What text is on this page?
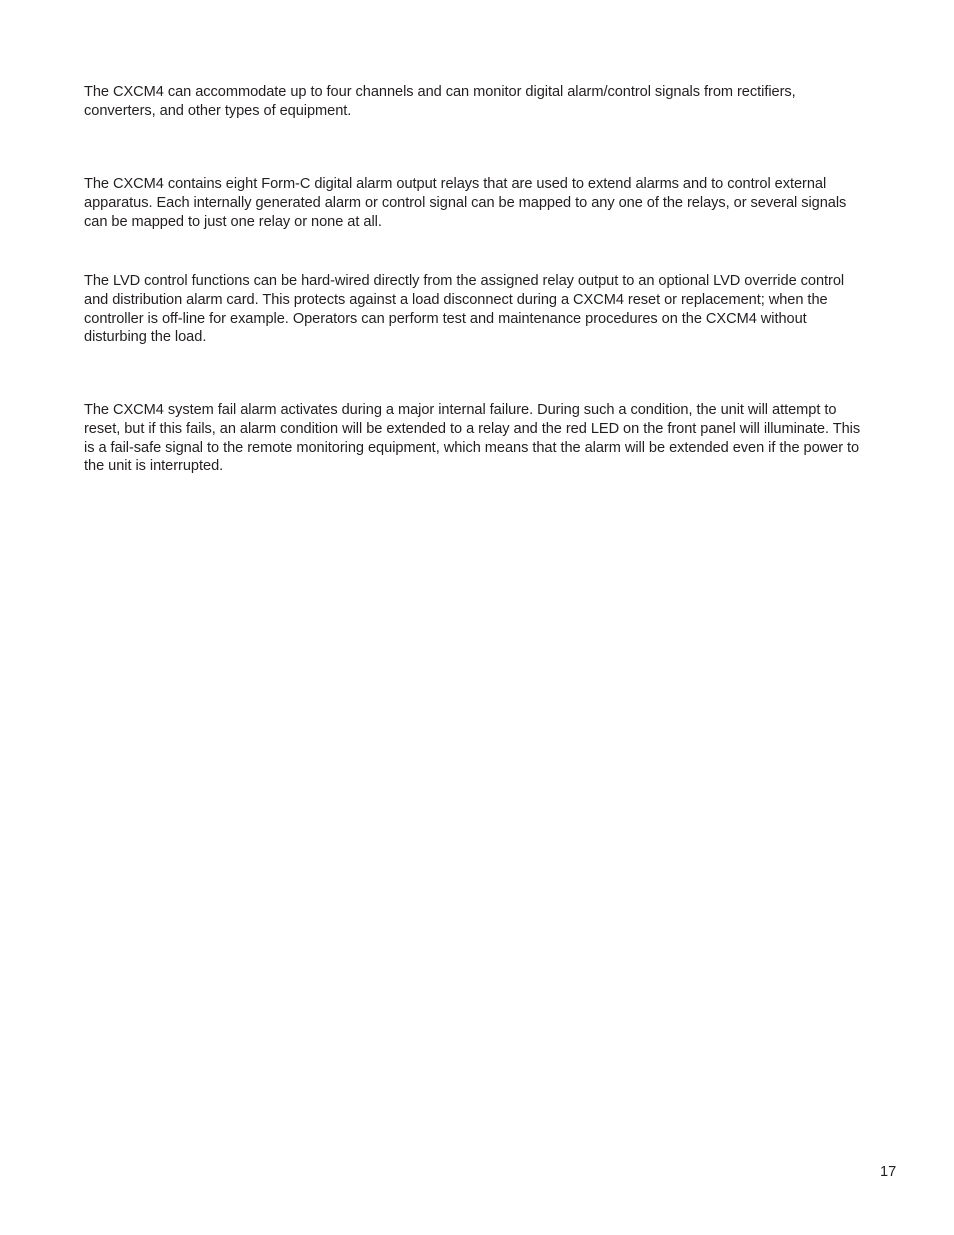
The CXCM4 can accommodate up to four channels and can monitor digital alarm/control signals from rectifiers, converters, and other types of equipment.

The CXCM4 contains eight Form-C digital alarm output relays that are used to extend alarms and to control external apparatus. Each internally generated alarm or control signal can be mapped to any one of the relays, or several signals can be mapped to just one relay or none at all.

The LVD control functions can be hard-wired directly from the assigned relay output to an optional LVD override control and distribution alarm card. This protects against a load disconnect during a CXCM4 reset or replacement; when the controller is off-line for example. Operators can perform test and maintenance procedures on the CXCM4 without disturbing the load.

The CXCM4 system fail alarm activates during a major internal failure. During such a condition, the unit will attempt to reset, but if this fails, an alarm condition will be extended to a relay and the red LED on the front panel will illuminate. This is a fail-safe signal to the remote monitoring equipment, which means that the alarm will be extended even if the power to the unit is interrupted.

17
